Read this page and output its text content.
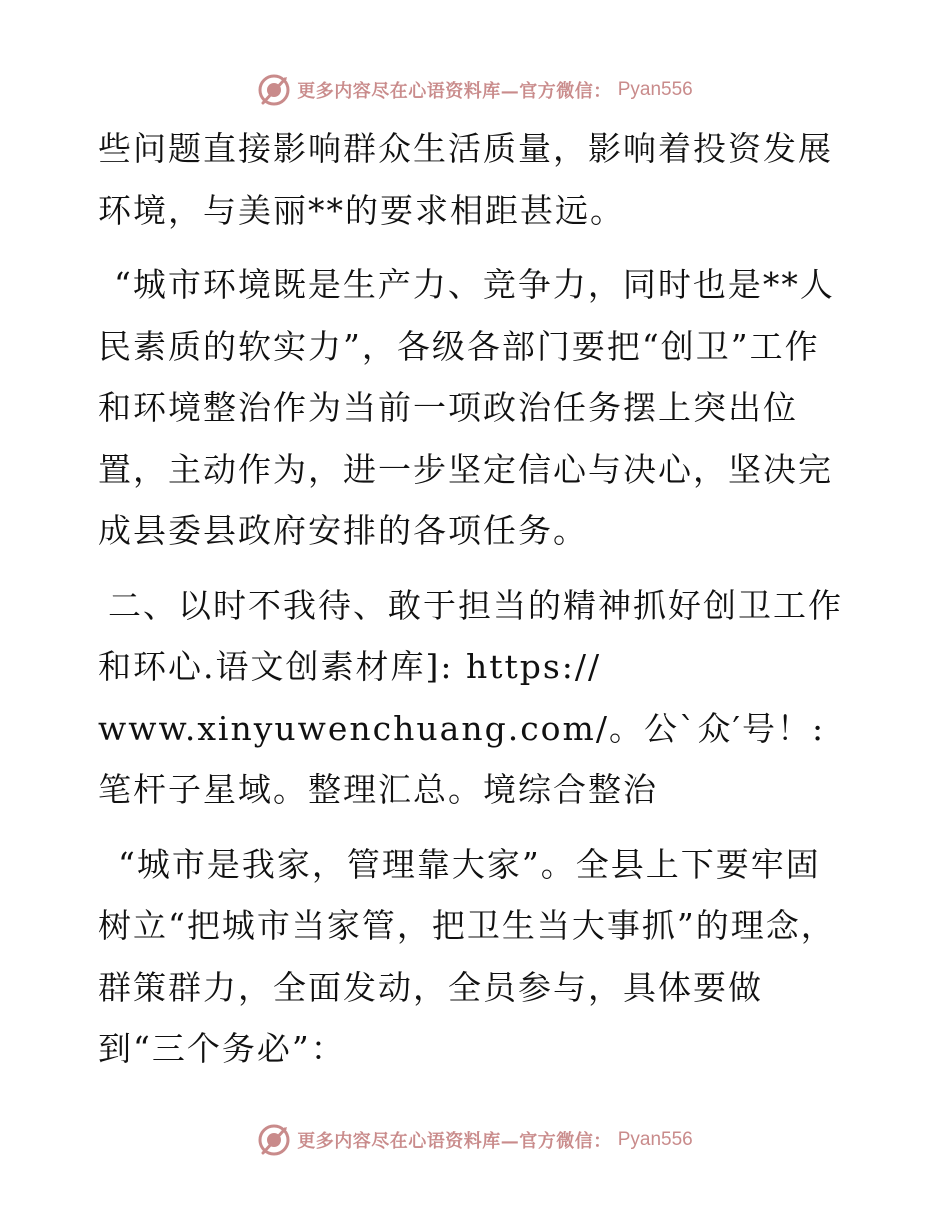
更多内容尽在心语资料库—官方微信： Pyan556

些问题直接影响群众生活质量，影响着投资发展环境，与美丽**的要求相距甚远。

“城市环境既是生产力、竞争力，同时也是**人民素质的软实力”，各级各部门要把“创卫”工作和环境整治作为当前一项政治任务摆上突出位置，主动作为，进一步坚定信心与决心，坚决完成县委县政府安排的各项任务。

二、以时不我待、敢于担当的精神抓好创卫工作和环心.语文创素材库]: https://

www.xinyuwenchuang.com/。公`众′号！: 笔杆子星域。整理汇总。境综合整治

“城市是我家，管理靠大家”。全县上下要牢固树立“把城市当家管，把卫生当大事抓”的理念，群策群力，全面发动，全员参与，具体要做到“三个务必”：

更多内容尽在心语资料库—官方微信： Pyan556
